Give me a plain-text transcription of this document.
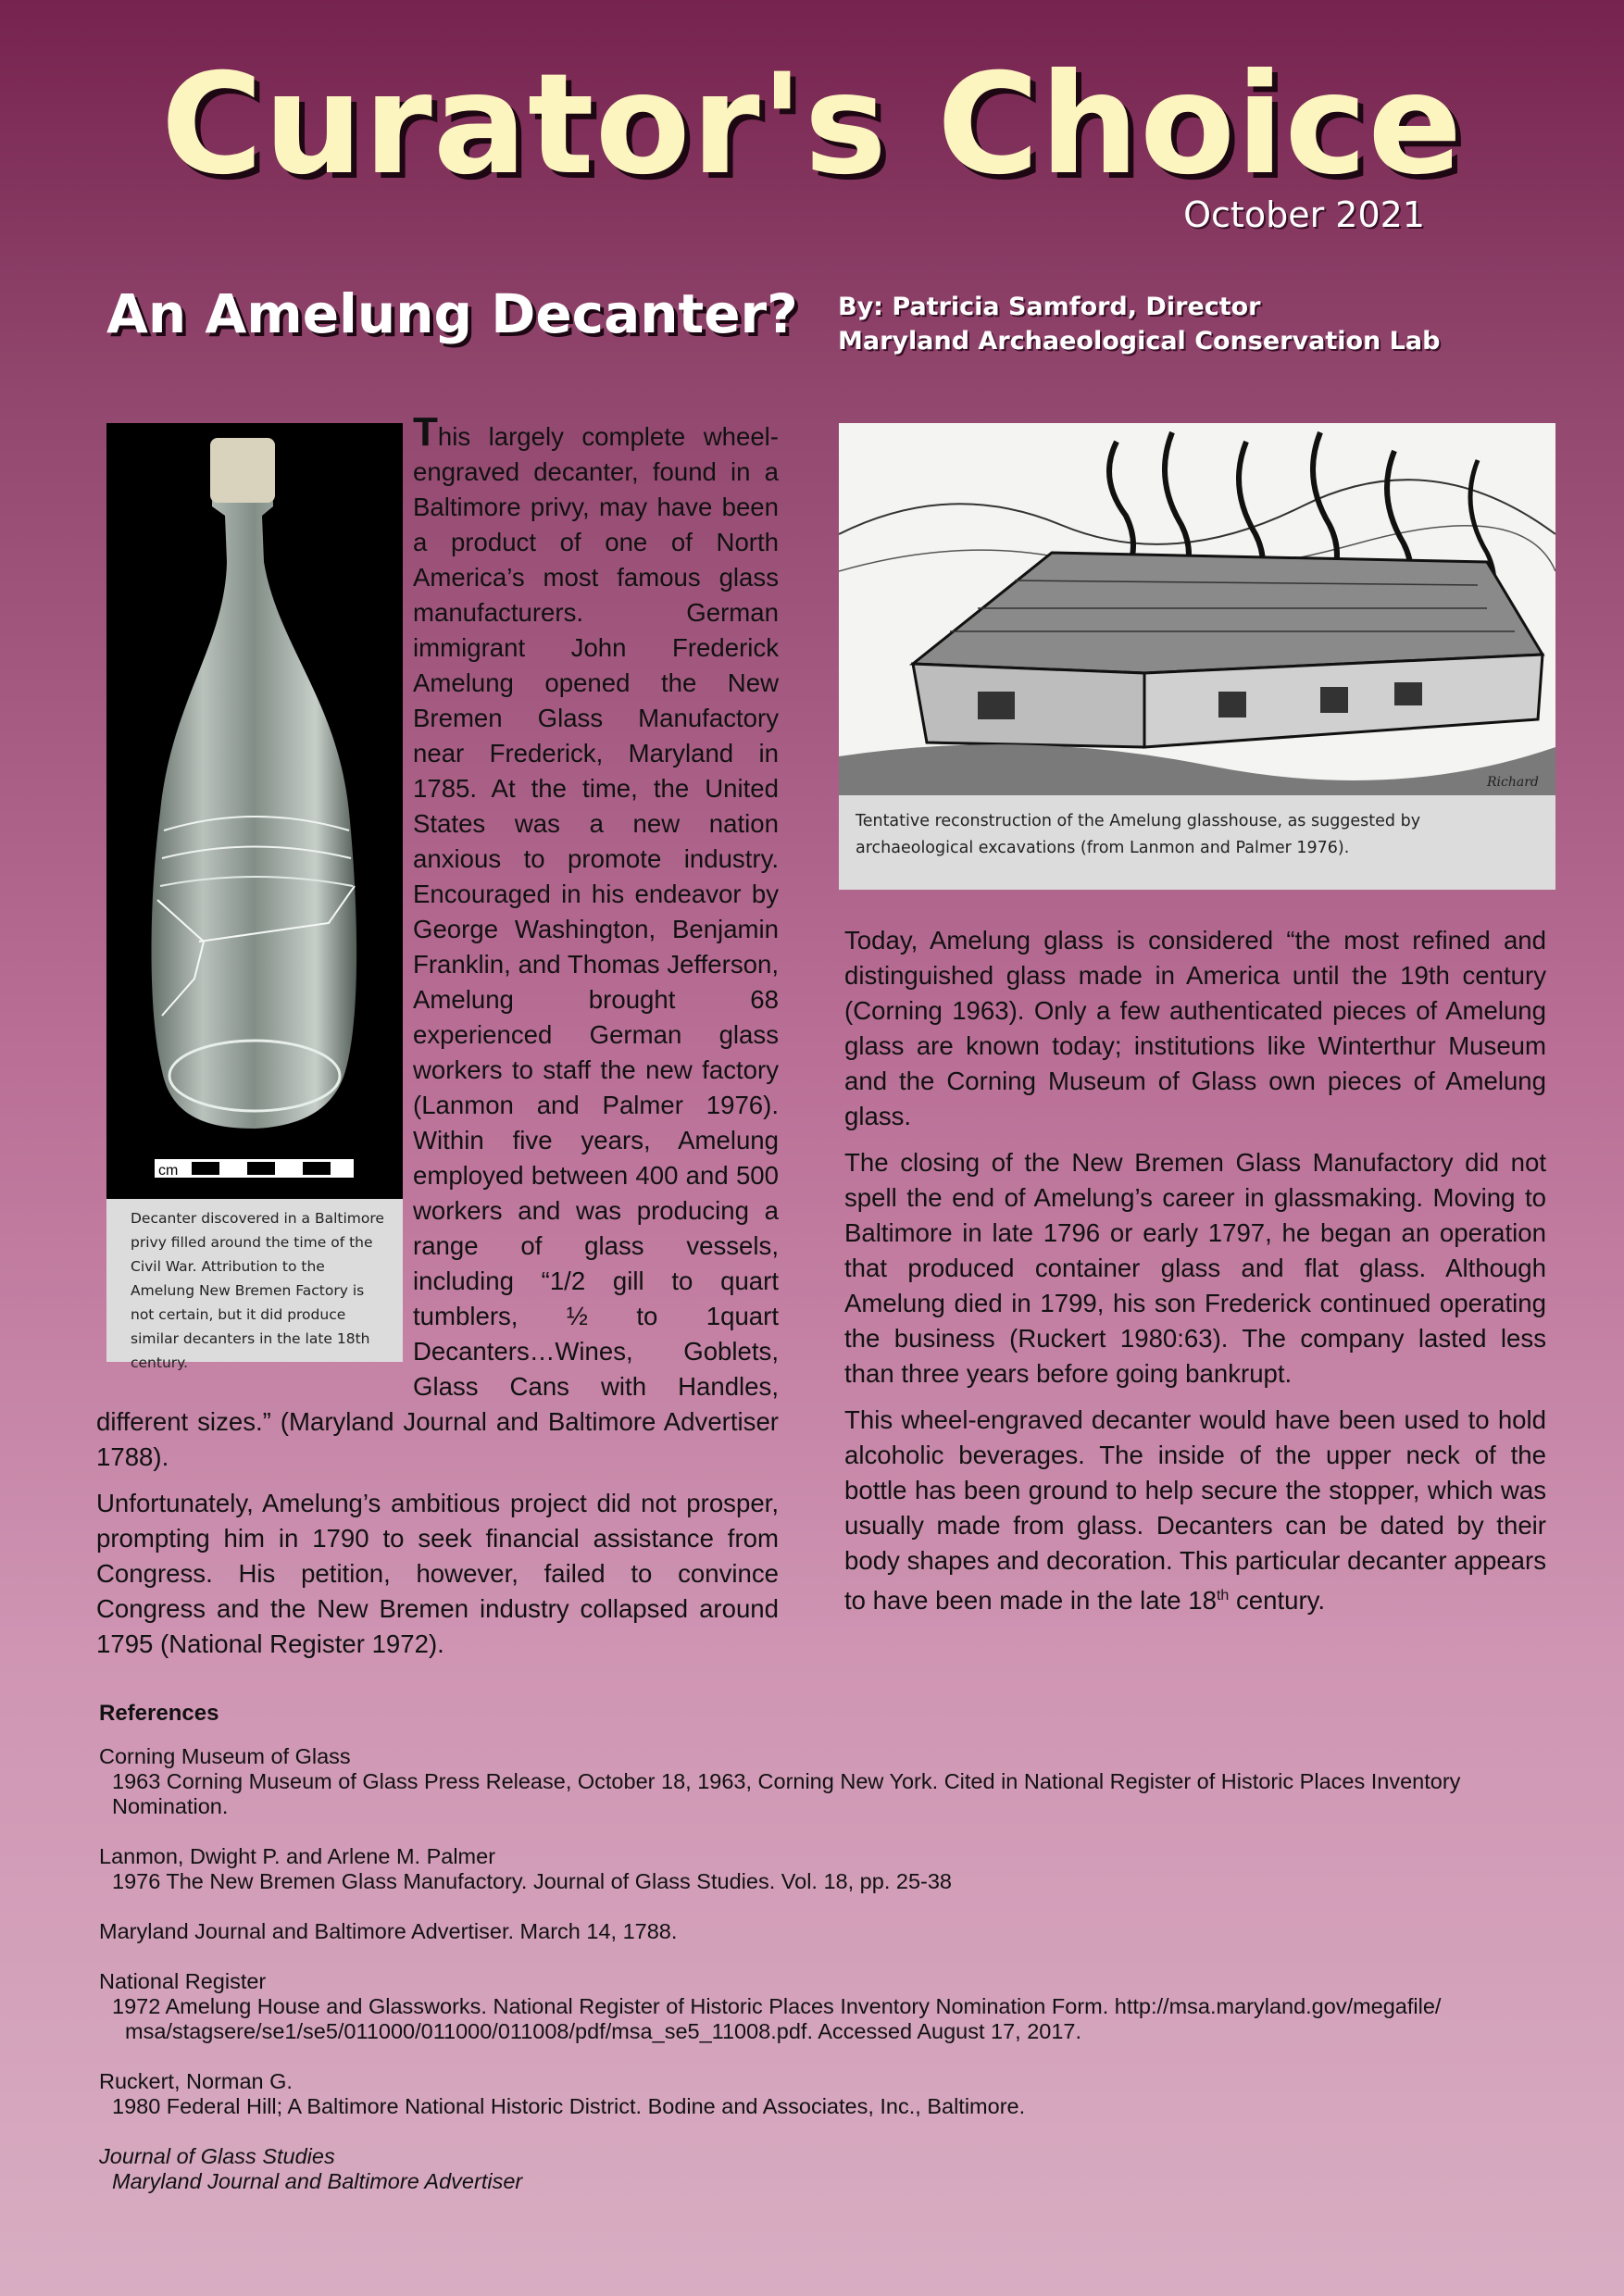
Curator's Choice
October 2021
An Amelung Decanter? By: Patricia Samford, Director
Maryland Archaeological Conservation Lab
cm
Decanter discovered in a Baltimore privy filled around the time of the Civil War. Attribution to the Amelung New Bremen Factory is not certain, but it did produce similar decanters in the late 18th century.
Richard
Tentative reconstruction of the Amelung glasshouse, as suggested by archaeological excavations (from Lanmon and Palmer 1976).

This largely complete wheel-engraved decanter, found in a Baltimore privy, may have been a product of one of North America’s most famous glass manufacturers. German immigrant John Frederick Amelung opened the New Bremen Glass Manufactory near Frederick, Maryland in 1785. At the time, the United States was a new nation anxious to promote industry. Encouraged in his endeavor by George Washington, Benjamin Franklin, and Thomas Jefferson, Amelung brought 68 experienced German glass workers to staff the new factory (Lanmon and Palmer 1976). Within five years, Amelung employed between 400 and 500 workers and was producing a range of glass vessels, including “1/2 gill to quart tumblers, ½ to 1quart Decanters…Wines, Goblets, Glass Cans with Handles, different sizes.” (Maryland Journal and Baltimore Advertiser 1788).

Unfortunately, Amelung’s ambitious project did not prosper, prompting him in 1790 to seek financial assistance from Congress. His petition, however, failed to convince Congress and the New Bremen industry collapsed around 1795 (National Register 1972).

Today, Amelung glass is considered “the most refined and distinguished glass made in America until the 19th century (Corning 1963). Only a few authenticated pieces of Amelung glass are known today; institutions like Winterthur Museum and the Corning Museum of Glass own pieces of Amelung glass.

The closing of the New Bremen Glass Manufactory did not spell the end of Amelung’s career in glassmaking. Moving to Baltimore in late 1796 or early 1797, he began an operation that produced container glass and flat glass. Although Amelung died in 1799, his son Frederick continued operating the business (Ruckert 1980:63). The company lasted less than three years before going bankrupt.

This wheel-engraved decanter would have been used to hold alcoholic beverages. The inside of the upper neck of the bottle has been ground to help secure the stopper, which was usually made from glass. Decanters can be dated by their body shapes and decoration. This particular decanter appears to have been made in the late 18th century.

References
Corning Museum of Glass
1963 Corning Museum of Glass Press Release, October 18, 1963, Corning New York. Cited in National Register of Historic Places Inventory Nomination.
Lanmon, Dwight P. and Arlene M. Palmer
1976 The New Bremen Glass Manufactory. Journal of Glass Studies. Vol. 18, pp. 25-38
Maryland Journal and Baltimore Advertiser. March 14, 1788.
National Register
1972 Amelung House and Glassworks. National Register of Historic Places Inventory Nomination Form. http://msa.maryland.gov/megafile/
msa/stagsere/se1/se5/011000/011000/011008/pdf/msa_se5_11008.pdf. Accessed August 17, 2017.
Ruckert, Norman G.
1980 Federal Hill; A Baltimore National Historic District. Bodine and Associates, Inc., Baltimore.
Journal of Glass Studies
Maryland Journal and Baltimore Advertiser
